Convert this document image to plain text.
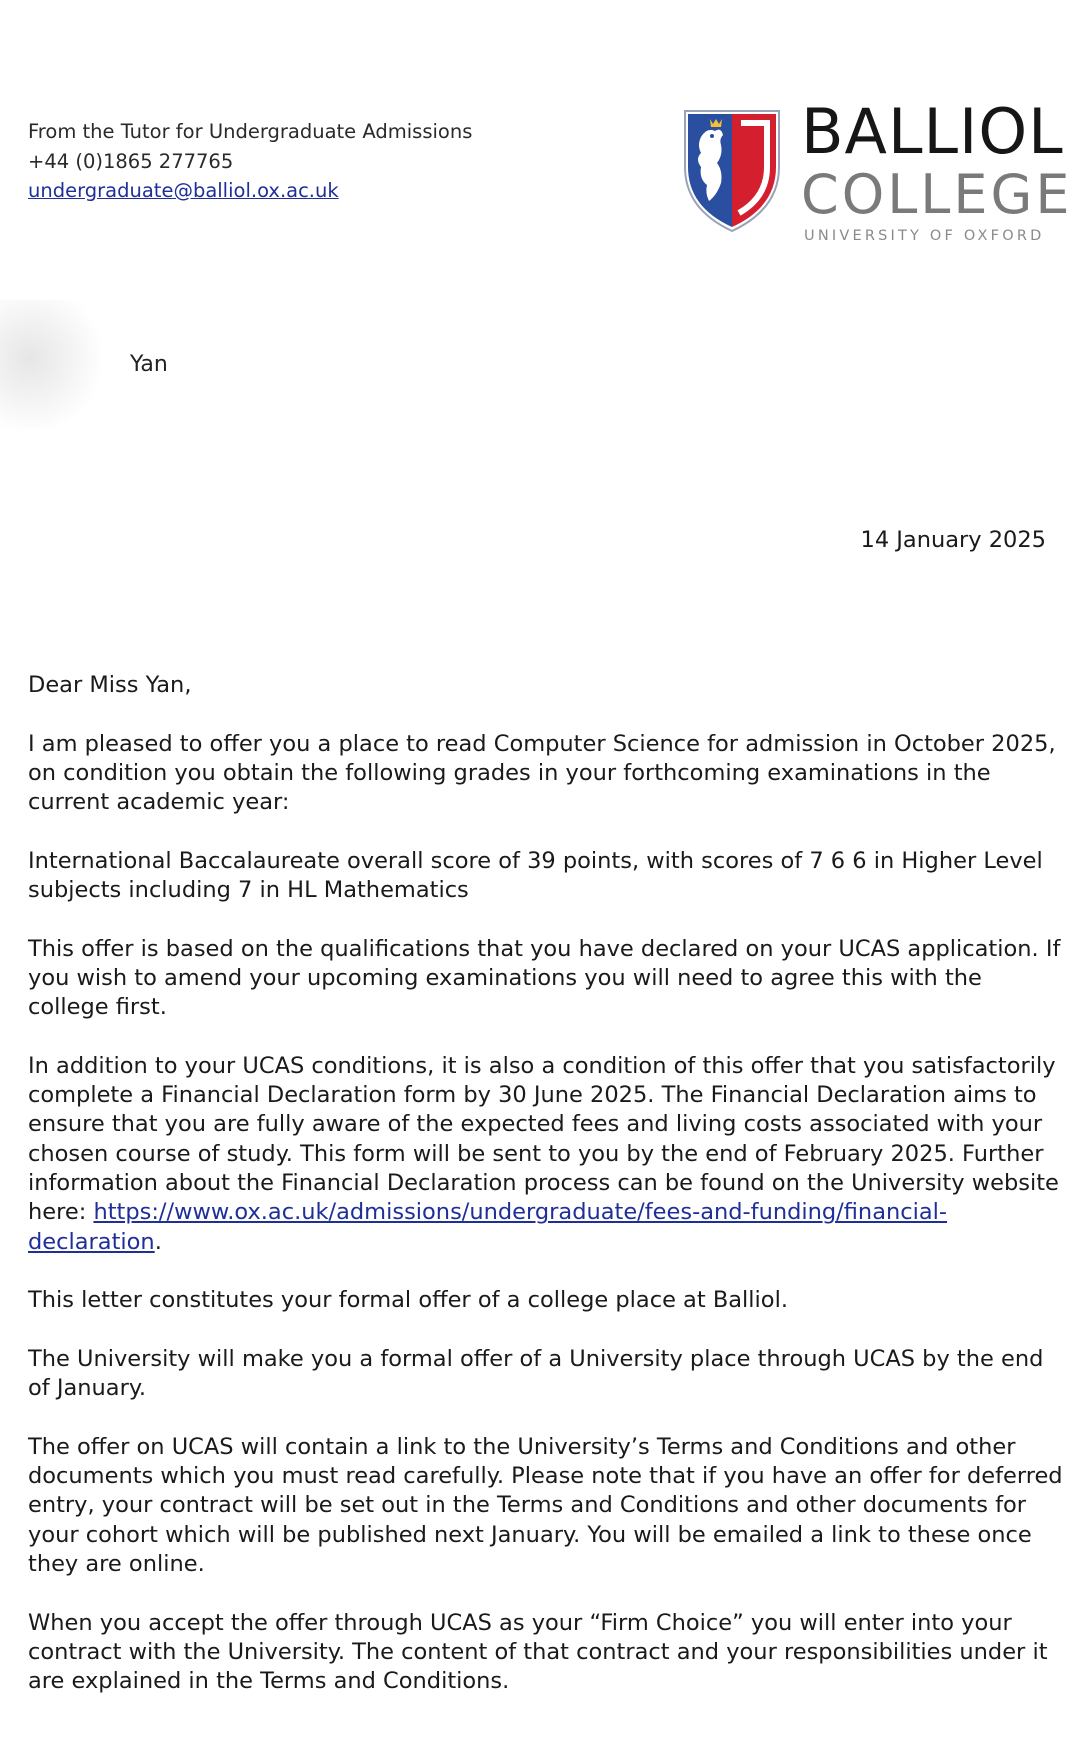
From the Tutor for Undergraduate Admissions
+44 (0)1865 277765
undergraduate@balliol.ox.ac.uk
BALLIOL
COLLEGE
UNIVERSITY OF OXFORD
Yan
14 January 2025

Dear Miss Yan,

I am pleased to offer you a place to read Computer Science for admission in October 2025, on condition you obtain the following grades in your forthcoming examinations in the current academic year:

International Baccalaureate overall score of 39 points, with scores of 7 6 6 in Higher Level subjects including 7 in HL Mathematics

This offer is based on the qualifications that you have declared on your UCAS application. If you wish to amend your upcoming examinations you will need to agree this with the college first.

In addition to your UCAS conditions, it is also a condition of this offer that you satisfactorily complete a Financial Declaration form by 30 June 2025. The Financial Declaration aims to ensure that you are fully aware of the expected fees and living costs associated with your chosen course of study. This form will be sent to you by the end of February 2025. Further information about the Financial Declaration process can be found on the University website here: https://www.ox.ac.uk/admissions/undergraduate/fees-and-funding/financial-declaration.

This letter constitutes your formal offer of a college place at Balliol.

The University will make you a formal offer of a University place through UCAS by the end of January.

The offer on UCAS will contain a link to the University’s Terms and Conditions and other documents which you must read carefully. Please note that if you have an offer for deferred entry, your contract will be set out in the Terms and Conditions and other documents for your cohort which will be published next January. You will be emailed a link to these once they are online.

When you accept the offer through UCAS as your “Firm Choice” you will enter into your contract with the University. The content of that contract and your responsibilities under it are explained in the Terms and Conditions.
